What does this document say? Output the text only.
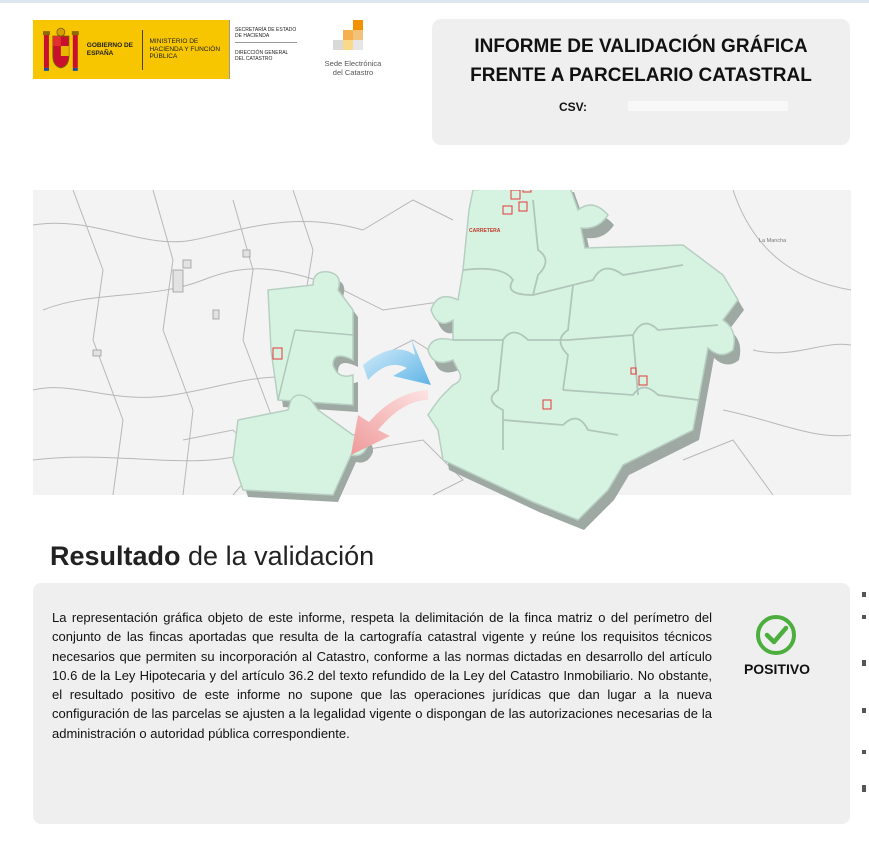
GOBIERNO DE ESPAÑA
MINISTERIO DE HACIENDA Y FUNCIÓN PÚBLICA
SECRETARÍA DE ESTADO DE HACIENDA
DIRECCIÓN GENERAL DEL CATASTRO	Sede Electrónica
del Catastro
INFORME DE VALIDACIÓN GRÁFICA
FRENTE A PARCELARIO CATASTRAL
CSV:
La Mancha
CARRETERA
Resultado de la validación
La representación gráfica objeto de este informe, respeta la delimitación de la finca matriz o del perímetro del conjunto de las fincas aportadas que resulta de la cartografía catastral vigente y reúne los requisitos técnicos necesarios que permiten su incorporación al Catastro, conforme a las normas dictadas en desarrollo del artículo 10.6 de la Ley Hipotecaria y del artículo 36.2 del texto refundido de la Ley del Catastro Inmobiliario. No obstante, el resultado positivo de este informe no supone que las operaciones jurídicas que dan lugar a la nueva configuración de las parcelas se ajusten a la legalidad vigente o dispongan de las autorizaciones necesarias de la administración o autoridad pública correspondiente.
POSITIVO
